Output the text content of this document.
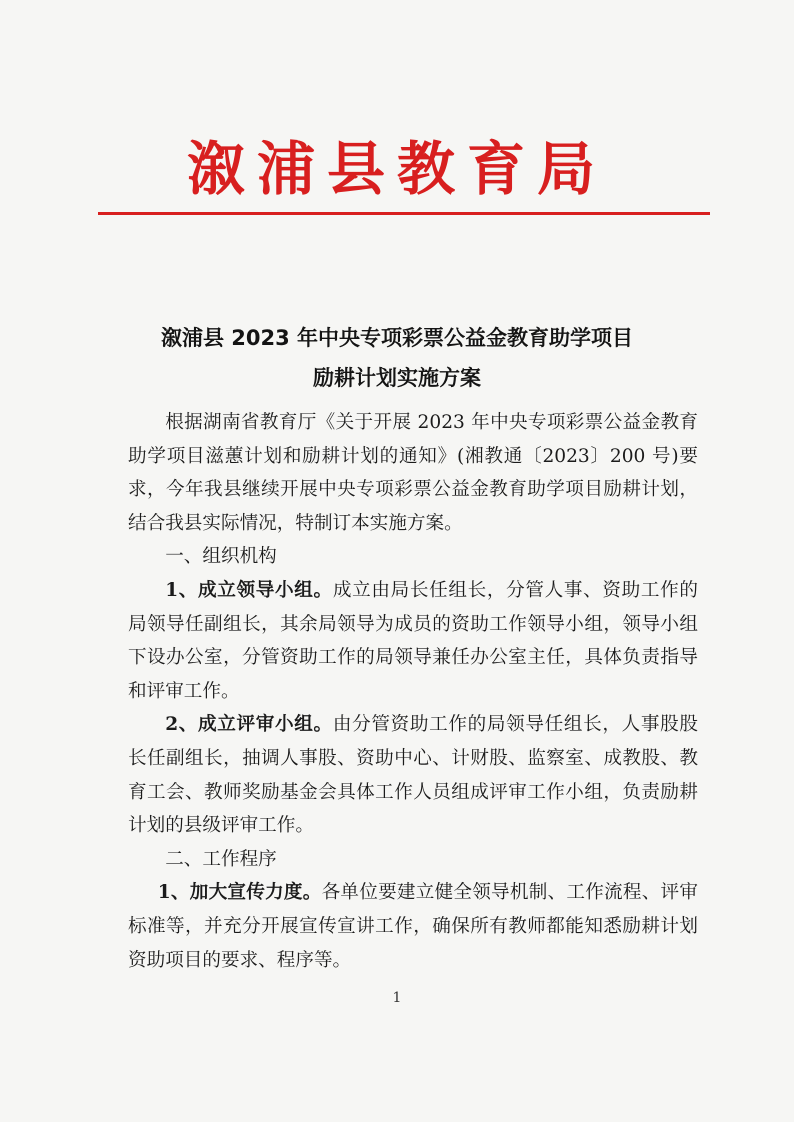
溆浦县教育局
溆浦县 2023 年中央专项彩票公益金教育助学项目
励耕计划实施方案

根据湖南省教育厅《关于开展 2023 年中央专项彩票公益金教育助学项目滋蕙计划和励耕计划的通知》(湘教通〔2023〕200 号)要求，今年我县继续开展中央专项彩票公益金教育助学项目励耕计划，结合我县实际情况，特制订本实施方案。

一、组织机构

1、成立领导小组。成立由局长任组长，分管人事、资助工作的局领导任副组长，其余局领导为成员的资助工作领导小组，领导小组下设办公室，分管资助工作的局领导兼任办公室主任，具体负责指导和评审工作。

2、成立评审小组。由分管资助工作的局领导任组长，人事股股长任副组长，抽调人事股、资助中心、计财股、监察室、成教股、教育工会、教师奖励基金会具体工作人员组成评审工作小组，负责励耕计划的县级评审工作。

二、工作程序

1、加大宣传力度。各单位要建立健全领导机制、工作流程、评审标准等，并充分开展宣传宣讲工作，确保所有教师都能知悉励耕计划资助项目的要求、程序等。

1
